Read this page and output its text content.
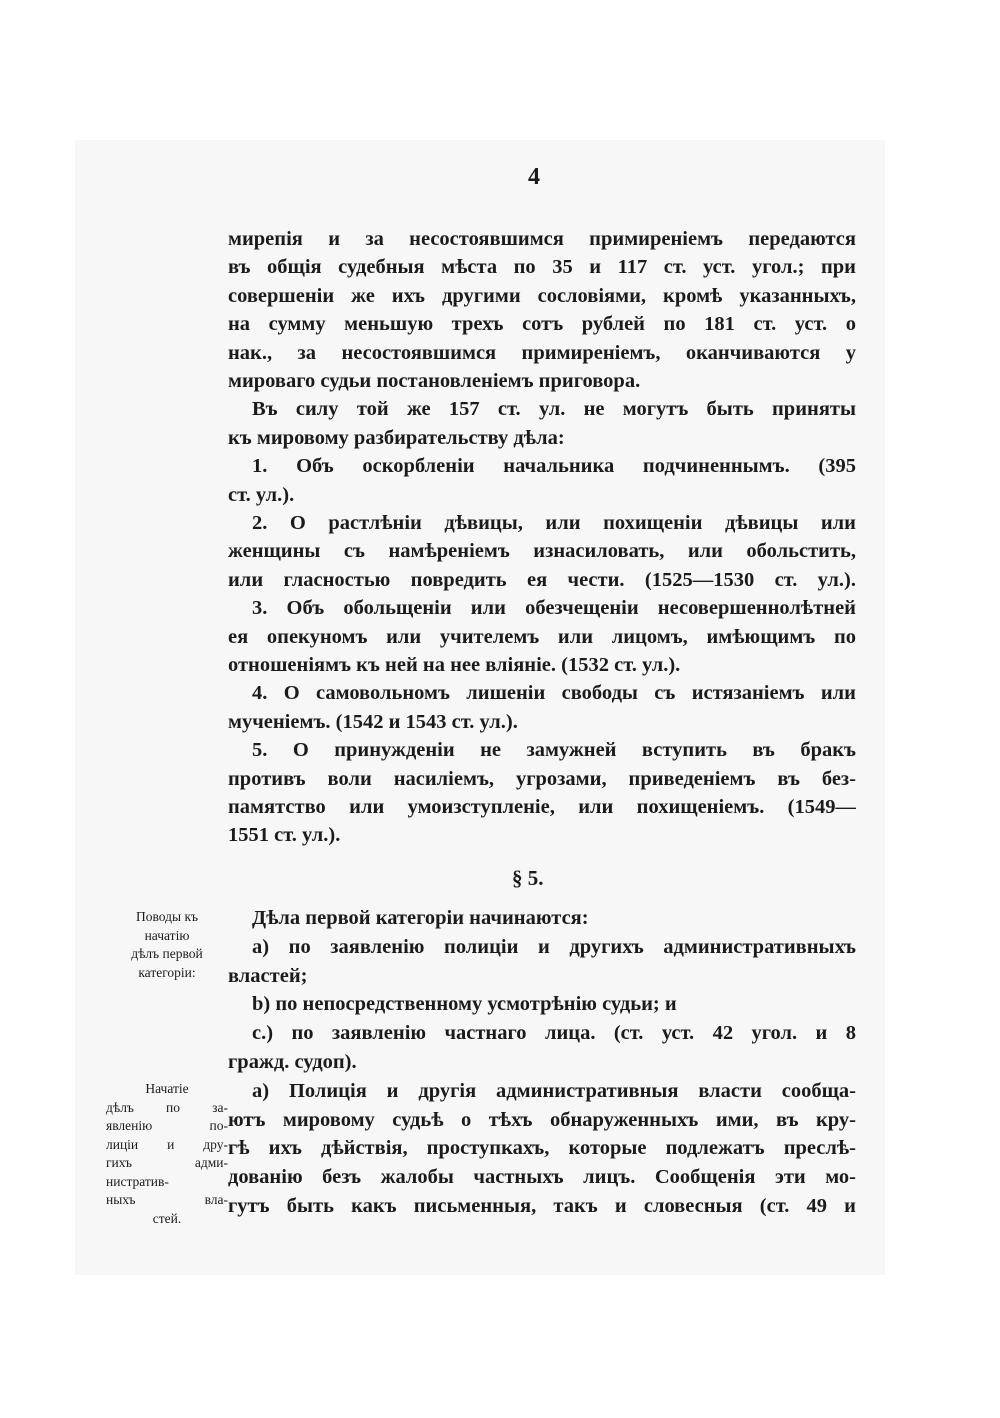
4
мирепія и за несостоявшимся примиреніемъ передаются
въ общія судебныя мѣста по 35 и 117 ст. уст. угол.; при
совершеніи же ихъ другими сословіями, кромѣ указанныхъ,
на сумму меньшую трехъ сотъ рублей по 181 ст. уст. о
нак., за несостоявшимся примиреніемъ, оканчиваются у
мироваго судьи постановленіемъ приговора.
Въ силу той же 157 ст. ул. не могутъ быть приняты
къ мировому разбирательству дѣла:
1. Объ оскорбленіи начальника подчиненнымъ. (395
ст. ул.).
2. О растлѣніи дѣвицы, или похищеніи дѣвицы или
женщины съ намѣреніемъ изнасиловать, или обольстить,
или гласностью повредить ея чести. (1525—1530 ст. ул.).
3. Объ обольщеніи или обезчещеніи несовершеннолѣтней
ея опекуномъ или учителемъ или лицомъ, имѣющимъ по
отношеніямъ къ ней на нее вліяніе. (1532 ст. ул.).
4. О самовольномъ лишеніи свободы съ истязаніемъ или
мученіемъ. (1542 и 1543 ст. ул.).
5. О принужденіи не замужней вступить въ бракъ
противъ воли насиліемъ, угрозами, приведеніемъ въ без-
памятство или умоизступленіе, или похищеніемъ. (1549—
1551 ст. ул.).
§ 5.
Дѣла первой категоріи начинаются:
a) по заявленію полиціи и другихъ административныхъ
властей;
b) по непосредственному усмотрѣнію судьи; и
c.) по заявленію частнаго лица. (ст. уст. 42 угол. и 8
гражд. судоп).
a) Полиція и другія административныя власти сообща-
ютъ мировому судьѣ о тѣхъ обнаруженныхъ ими, въ кру-
гѣ ихъ дѣйствія, проступкахъ, которые подлежатъ преслѣ-
дованію безъ жалобы частныхъ лицъ. Сообщенія эти мо-
гутъ быть какъ письменныя, такъ и словесныя (ст. 49 и
Поводы къ
начатію
дѣлъ первой
категоріи:
Начатіе
дѣлъ по за-
явленію по-
лиціи и дру-
гихъ адми-
нистратив-
ныхъ вла-
стей.
